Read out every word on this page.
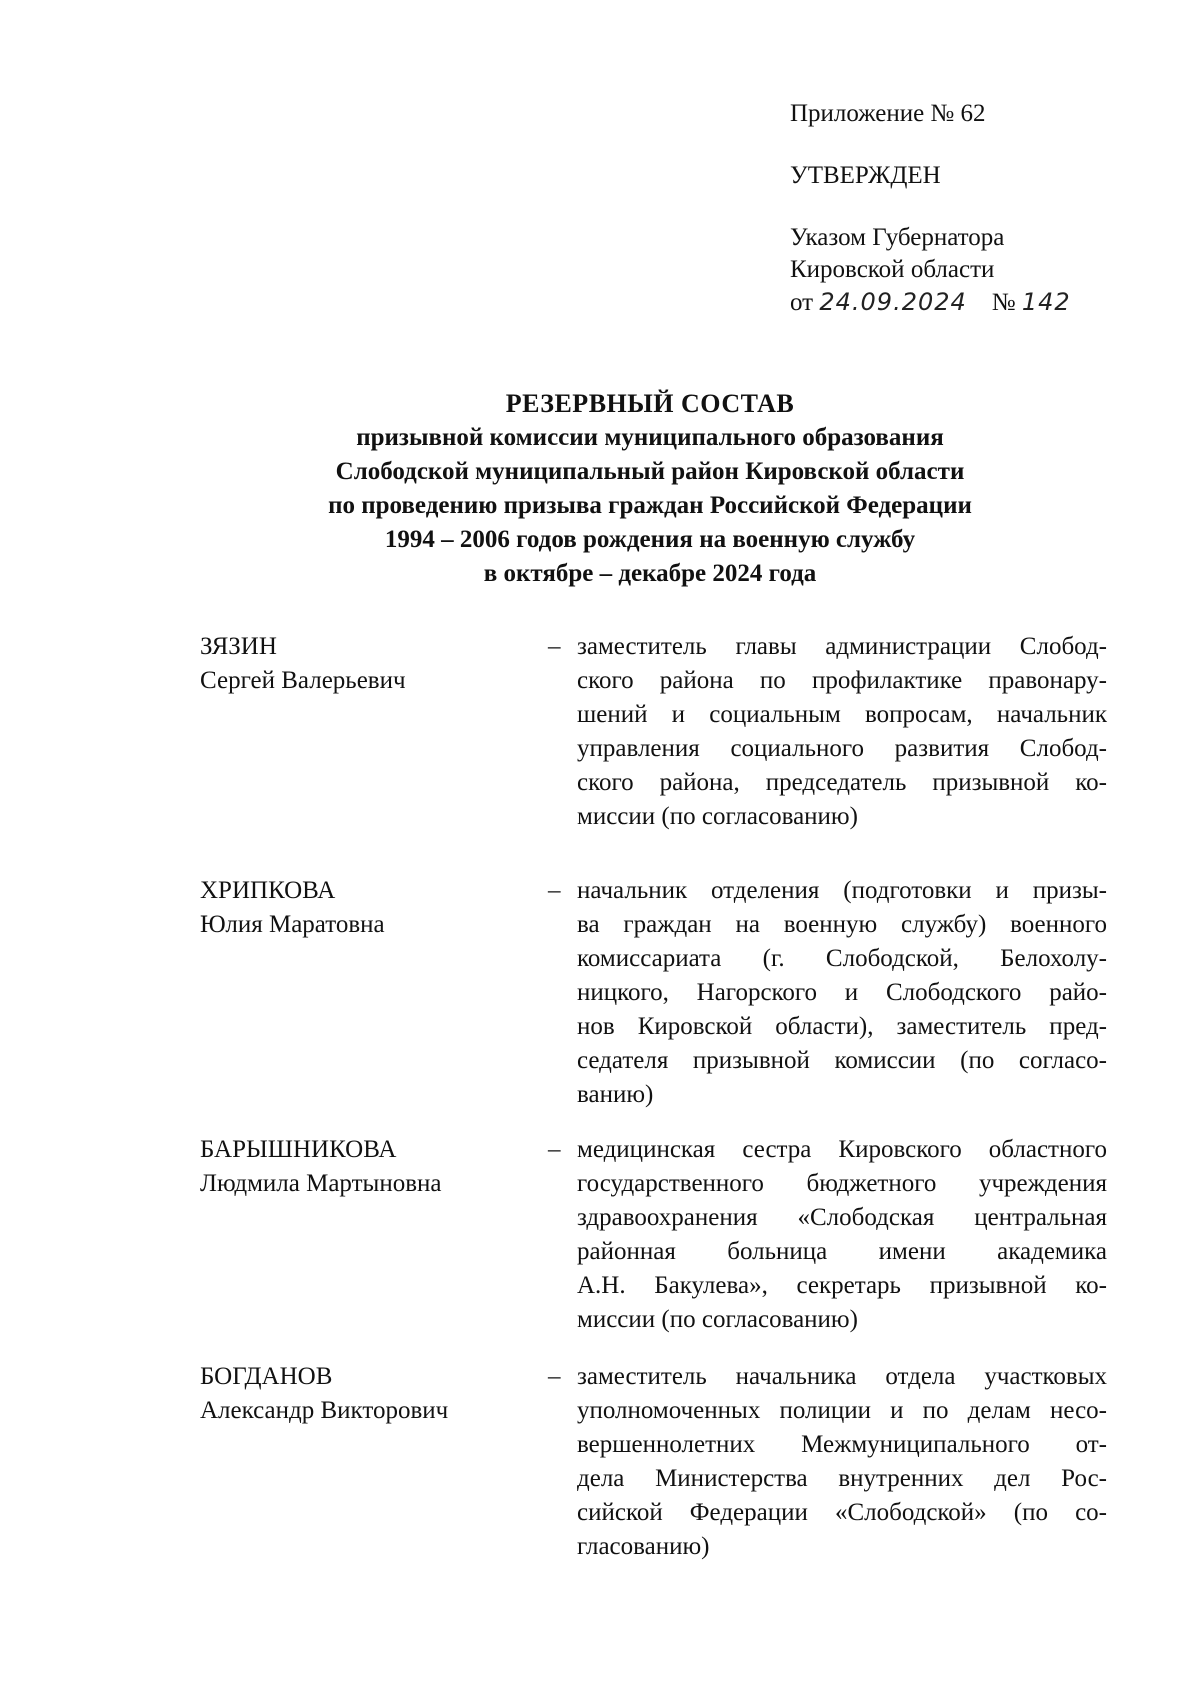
Приложение № 62
УТВЕРЖДЕН
Указом Губернатора
Кировской области
от 24.09.2024 № 142
РЕЗЕРВНЫЙ СОСТАВ
призывной комиссии муниципального образования
Слободской муниципальный район Кировской области
по проведению призыва граждан Российской Федерации
1994 – 2006 годов рождения на военную службу
в октябре – декабре 2024 года
ЗЯЗИН
Сергей Валерьевич
– заместитель главы администрации Слобод-
ского района по профилактике правонару-
шений и социальным вопросам, начальник
управления социального развития Слобод-
ского района, председатель призывной ко-
миссии (по согласованию)
ХРИПКОВА
Юлия Маратовна
– начальник отделения (подготовки и призы-
ва граждан на военную службу) военного
комиссариата (г. Слободской, Белохолу-
ницкого, Нагорского и Слободского райо-
нов Кировской области), заместитель пред-
седателя призывной комиссии (по согласо-
ванию)
БАРЫШНИКОВА
Людмила Мартыновна
– медицинская сестра Кировского областного
государственного бюджетного учреждения
здравоохранения «Слободская центральная
районная больница имени академика
А.Н. Бакулева», секретарь призывной ко-
миссии (по согласованию)
БОГДАНОВ
Александр Викторович
– заместитель начальника отдела участковых
уполномоченных полиции и по делам несо-
вершеннолетних Межмуниципального от-
дела Министерства внутренних дел Рос-
сийской Федерации «Слободской» (по со-
гласованию)
